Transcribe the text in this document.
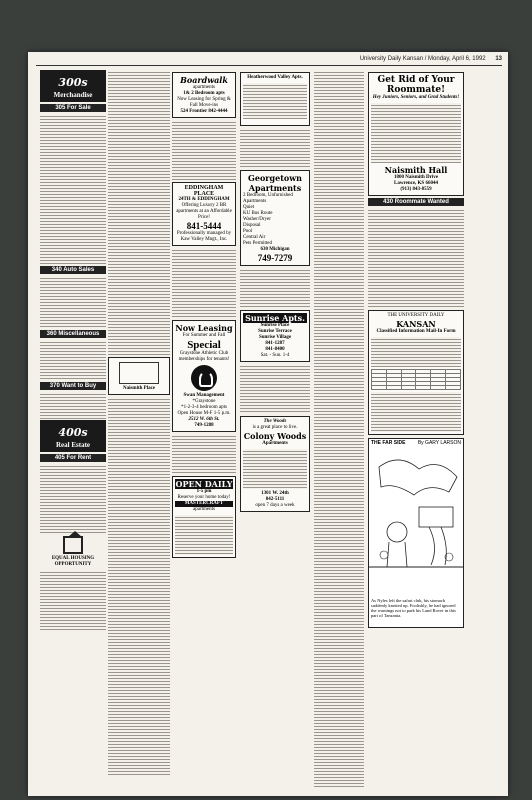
University Daily Kansan / Monday, April 6, 1992 13
300s
Merchandise
305 For Sale
340 Auto Sales
360 Miscellaneous
370 Want to Buy
400s
Real Estate
405 For Rent
EQUAL HOUSING OPPORTUNITY
Naismith Place
Boardwalk
apartments
1& 2 Bedroom apts
Now Leasing for Spring & Fall Move-ins
524 Frontier 842-4444
EDDINGHAM PLACE
24TH & EDDINGHAM
Offering Luxury 2 BR apartments at an Affordable Price!
841-5444
Professionally managed by Kaw Valley Mngt., Inc.
Now Leasing
For Summer and Fall
Special
Graystone Athletic Club memberships for tenants!
Swan Management
*Graystone
*1-2-3-4 bedroom apts
Open House M-F 1-5 p.m.
2512 W. 6th St.
749-1288
OPEN DAILY
1-5 pm
Reserve your home today!
MASTERCRAFT
apartments
Heatherwood Valley Apts.
Georgetown Apartments
2 Bedroom, Unfurnished Apartments
Quiet
KU Bus Route
Washer/Dryer
Disposal
Pool
Central Air
Pets Permitted
630 Michigan
749-7279
Sunrise Apts.
Sunrise Place
Sunrise Terrace
Sunrise Village
841-1287
841-8400
Sat. - Sun. 1-4
The Woods
is a great place to live.
Colony Woods
Apartments
1301 W. 24th
842-5111
open 7 days a week
Get Rid of Your Roommate!
Hey Juniors, Seniors, and Grad Students!
Naismith Hall
1800 Naismith Drive
Lawrence, KS 66044
(913) 843-8559
430 Roommate Wanted
THE UNIVERSITY DAILY
KANSAN
Classified Information Mail-In Form

THE FAR SIDE By GARY LARSON
As Nyles left the safari club, his stomach suddenly knotted up. Foolishly, he had ignored the warnings not to park his Land Rover in this part of Tanzania.
